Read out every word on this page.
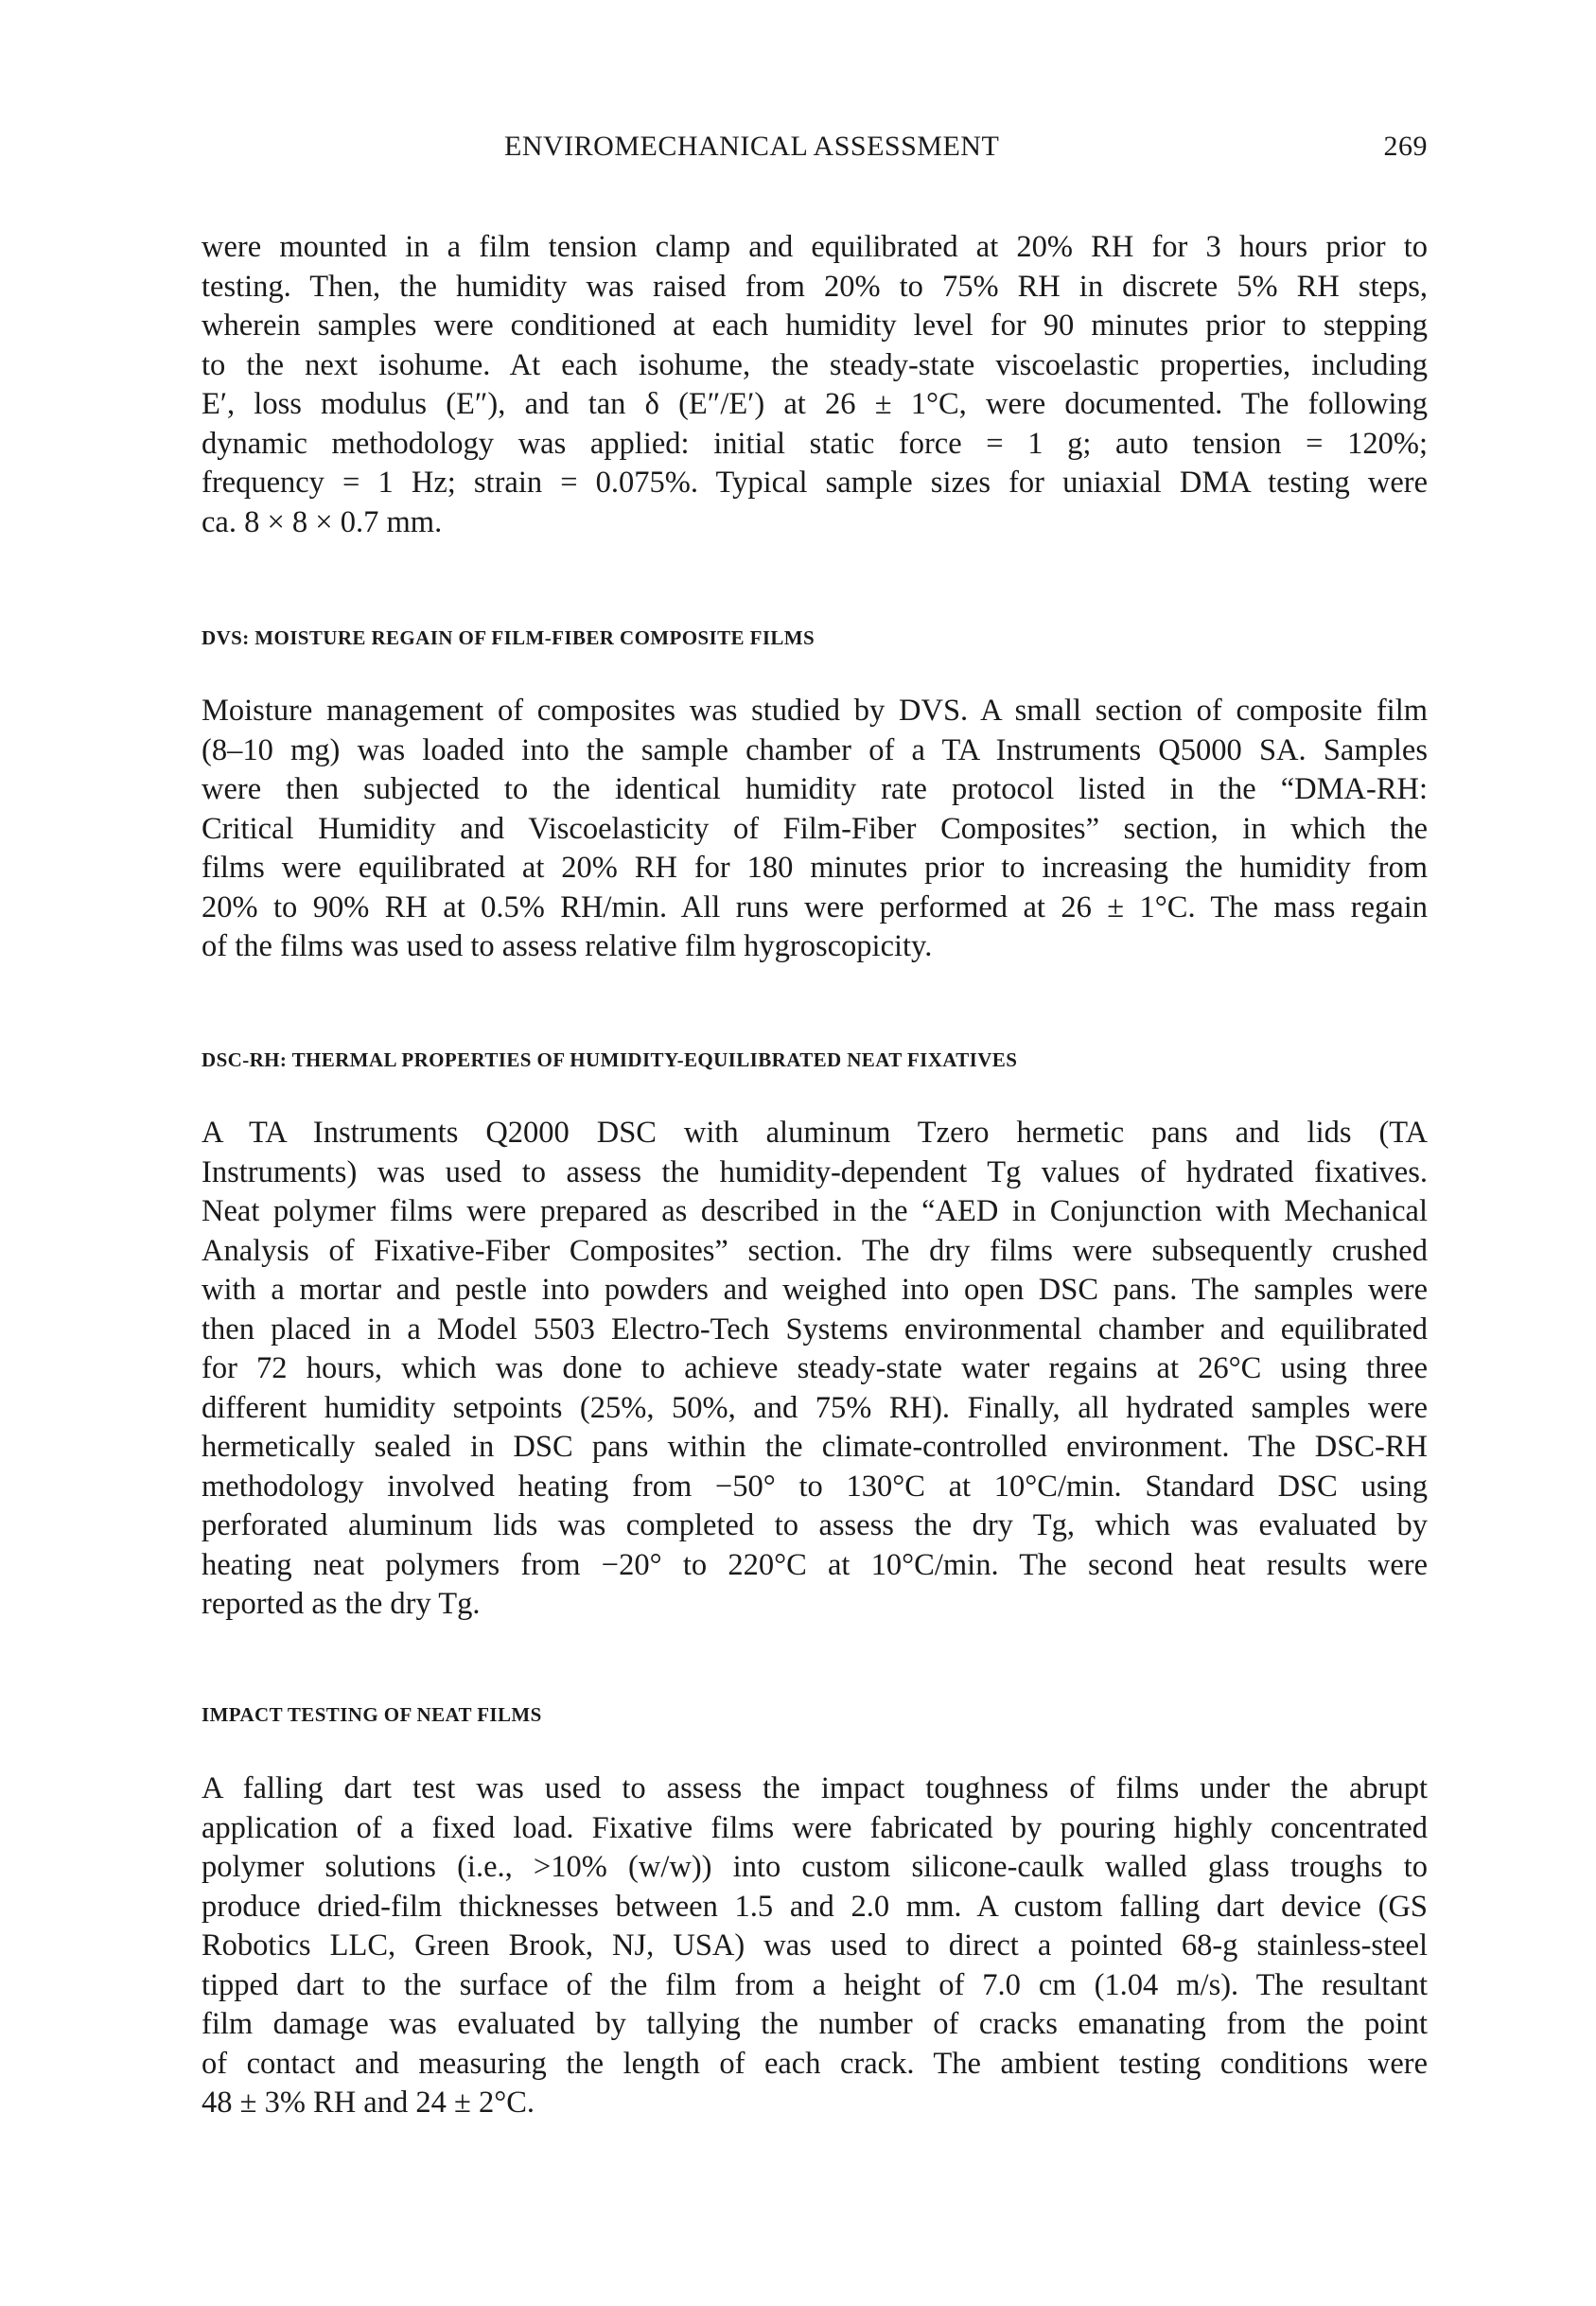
ENVIROMECHANICAL ASSESSMENT	269
were mounted in a film tension clamp and equilibrated at 20% RH for 3 hours prior to
testing. Then, the humidity was raised from 20% to 75% RH in discrete 5% RH steps,
wherein samples were conditioned at each humidity level for 90 minutes prior to stepping
to the next isohume. At each isohume, the steady-state viscoelastic properties, including
E′, loss modulus (E″), and tan δ (E″/E′) at 26 ± 1°C, were documented. The following
dynamic methodology was applied: initial static force = 1 g; auto tension = 120%;
frequency = 1 Hz; strain = 0.075%. Typical sample sizes for uniaxial DMA testing were
ca. 8 × 8 × 0.7 mm.
DVS: MOISTURE REGAIN OF FILM-FIBER COMPOSITE FILMS
Moisture management of composites was studied by DVS. A small section of composite film
(8–10 mg) was loaded into the sample chamber of a TA Instruments Q5000 SA. Samples
were then subjected to the identical humidity rate protocol listed in the “DMA-RH:
Critical Humidity and Viscoelasticity of Film-Fiber Composites” section, in which the
films were equilibrated at 20% RH for 180 minutes prior to increasing the humidity from
20% to 90% RH at 0.5% RH/min. All runs were performed at 26 ± 1°C. The mass regain
of the films was used to assess relative film hygroscopicity.
DSC-RH: THERMAL PROPERTIES OF HUMIDITY-EQUILIBRATED NEAT FIXATIVES
A TA Instruments Q2000 DSC with aluminum Tzero hermetic pans and lids (TA
Instruments) was used to assess the humidity-dependent Tg values of hydrated fixatives.
Neat polymer films were prepared as described in the “AED in Conjunction with Mechanical
Analysis of Fixative-Fiber Composites” section. The dry films were subsequently crushed
with a mortar and pestle into powders and weighed into open DSC pans. The samples were
then placed in a Model 5503 Electro-Tech Systems environmental chamber and equilibrated
for 72 hours, which was done to achieve steady-state water regains at 26°C using three
different humidity setpoints (25%, 50%, and 75% RH). Finally, all hydrated samples were
hermetically sealed in DSC pans within the climate-controlled environment. The DSC-RH
methodology involved heating from −50° to 130°C at 10°C/min. Standard DSC using
perforated aluminum lids was completed to assess the dry Tg, which was evaluated by
heating neat polymers from −20° to 220°C at 10°C/min. The second heat results were
reported as the dry Tg.
IMPACT TESTING OF NEAT FILMS
A falling dart test was used to assess the impact toughness of films under the abrupt
application of a fixed load. Fixative films were fabricated by pouring highly concentrated
polymer solutions (i.e., >10% (w/w)) into custom silicone-caulk walled glass troughs to
produce dried-film thicknesses between 1.5 and 2.0 mm. A custom falling dart device (GS
Robotics LLC, Green Brook, NJ, USA) was used to direct a pointed 68-g stainless-steel
tipped dart to the surface of the film from a height of 7.0 cm (1.04 m/s). The resultant
film damage was evaluated by tallying the number of cracks emanating from the point
of contact and measuring the length of each crack. The ambient testing conditions were
48 ± 3% RH and 24 ± 2°C.
